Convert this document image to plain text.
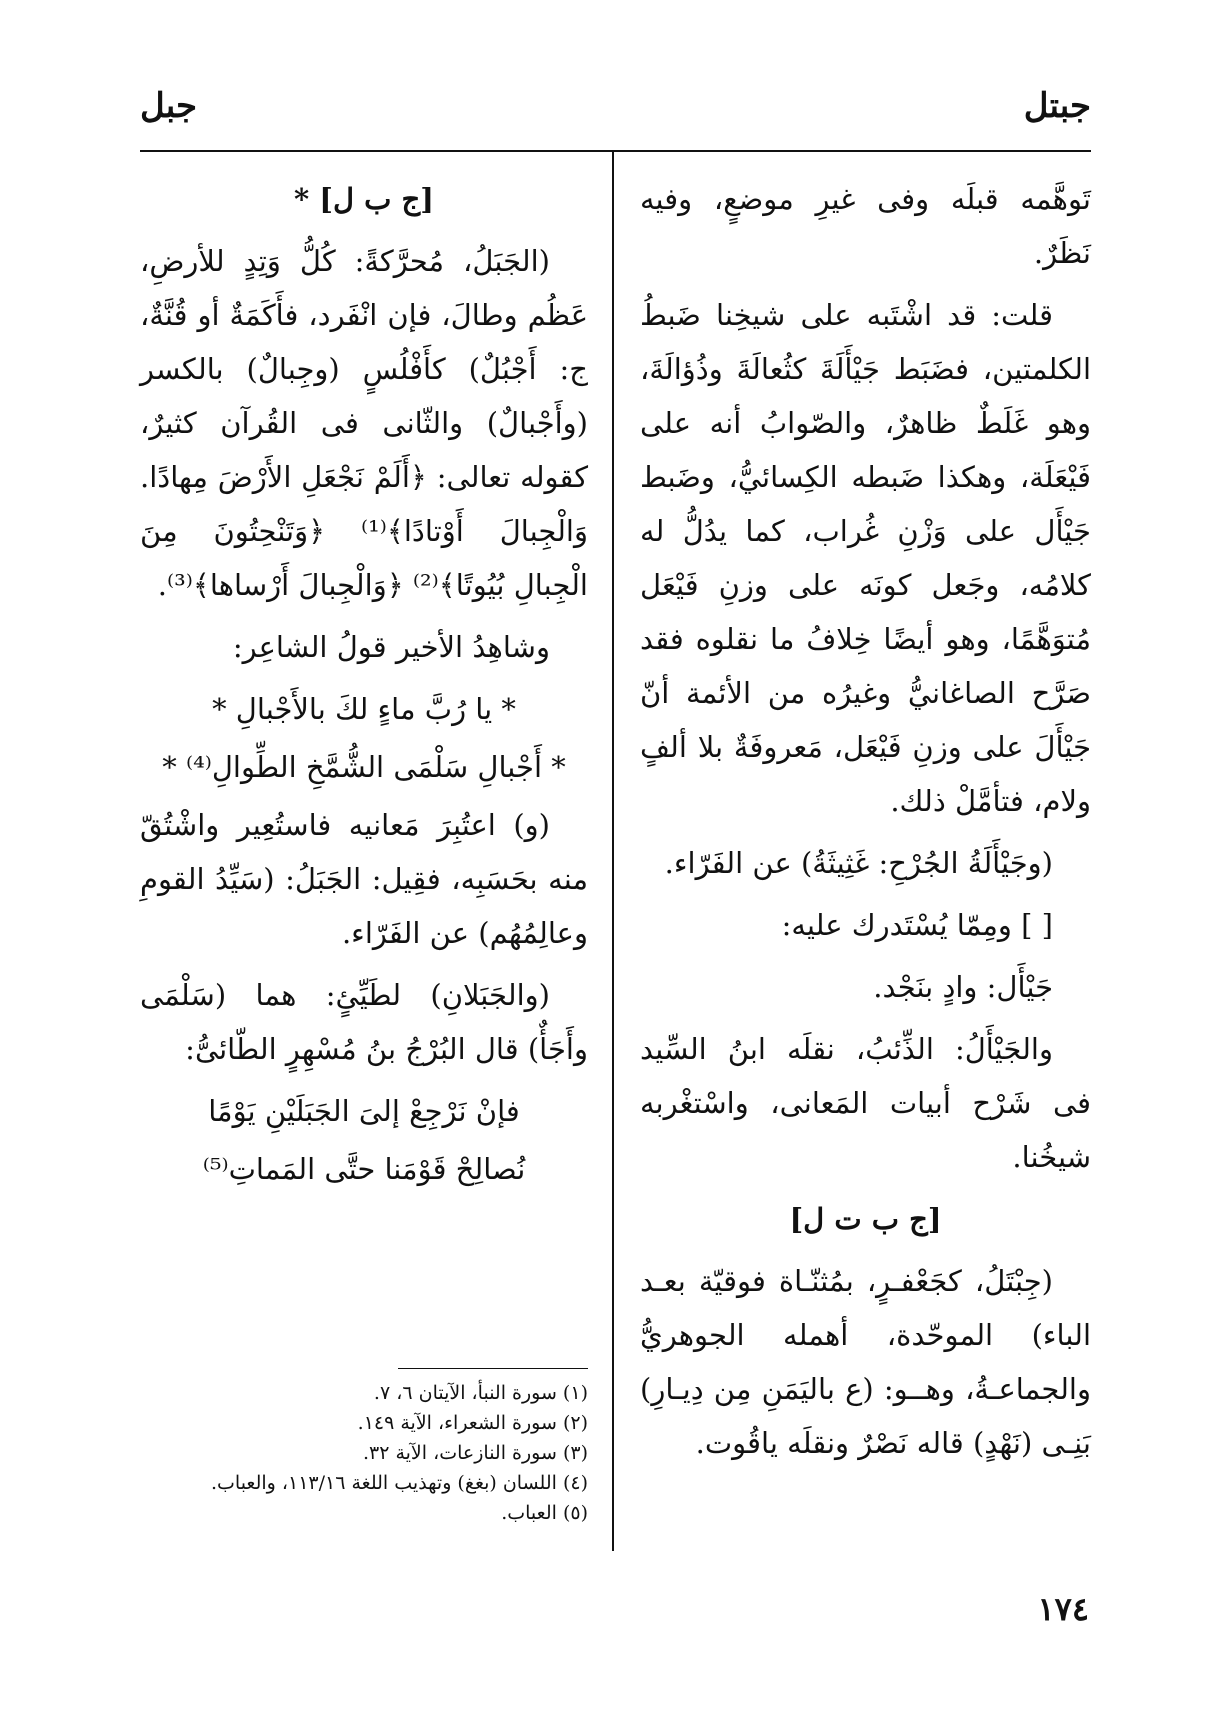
جبتل
جبل

تَوهَّمه قبلَه وفى غيرِ موضعٍ، وفيه نَظَرٌ.

قلت: قد اشْتَبه على شيخِنا ضَبطُ الكلمتين، فضَبَط جَيْأَلَةَ كثُعالَةَ وذُؤالَةَ، وهو غَلَطٌ ظاهرٌ، والصّوابُ أنه على فَيْعَلَة، وهكذا ضَبطه الكِسائيُّ، وضَبط جَيْأَل على وَزْنِ غُراب، كما يدُلُّ له كلامُه، وجَعل كونَه على وزنِ فَيْعَل مُتوَهَّمًا، وهو أيضًا خِلافُ ما نقلوه فقد صَرَّح الصاغانيُّ وغيرُه من الأئمة أنّ جَيْأَلَ على وزنِ فَيْعَل، مَعروفَةٌ بلا ألفٍ ولام، فتأمَّلْ ذلك.

(وجَيْأَلَةُ الجُرْحِ: غَثِيثَةُ) عن الفَرّاء.

[ ] ومِمّا يُسْتَدرك عليه:

جَيْأَل: وادٍ بنَجْد.

والجَيْأَلُ: الذِّئبُ، نقلَه ابنُ السِّيد فى شَرْح أبيات المَعانى، واسْتغْربه شيخُنا.

[ج ب ت ل]

(جِبْتَلُ، كجَعْفـرٍ، بمُثنّـاة فوقيّة بعـد الباء) الموحّدة، أهمله الجوهريُّ والجماعـةُ، وهــو: (ع باليَمَنِ مِن دِيـارِ) بَنِـى (نَهْدٍ) قاله نَصْرٌ ونقلَه ياقُوت.

[ج ب ل] *

(الجَبَلُ، مُحرَّكةً: كُلُّ وَتِدٍ للأرضِ، عَظُم وطالَ، فإن انْفَرد، فأَكَمَةٌ أو قُنَّةٌ، ج: أَجْبُلٌ) كأَفْلُسٍ (وجِبالٌ) بالكسر (وأَجْبالٌ) والثّانى فى القُرآن كثيرٌ، كقوله تعالى: ﴿أَلَمْ نَجْعَلِ الأَرْضَ مِهادًا. وَالْجِبالَ أَوْتادًا﴾⁽¹⁾ ﴿وَتَنْحِتُونَ مِنَ الْجِبالِ بُيُوتًا﴾⁽²⁾ ﴿وَالْجِبالَ أَرْساها﴾⁽³⁾.

وشاهِدُ الأخير قولُ الشاعِر:

* يا رُبَّ ماءٍ لكَ بالأَجْبالِ *

* أَجْبالِ سَلْمَى الشُّمَّخِ الطِّوالِ⁽⁴⁾ *

(و) اعتُبِرَ مَعانيه فاستُعِير واشْتُقّ منه بحَسَبِه، فقِيل: الجَبَلُ: (سَيِّدُ القومِ وعالِمُهُم) عن الفَرّاء.

(والجَبَلانِ) لطَيِّئٍ: هما (سَلْمَى وأَجَأٌ) قال البُرْجُ بنُ مُسْهِرٍ الطّائىُّ:

فإنْ نَرْجِعْ إلىَ الجَبَلَيْنِ يَوْمًا

نُصالِحْ قَوْمَنا حتَّى المَماتِ⁽⁵⁾

(١) سورة النبأ، الآيتان ٦، ٧.
(٢) سورة الشعراء، الآية ١٤٩.
(٣) سورة النازعات، الآية ٣٢.
(٤) اللسان (بغغ) وتهذيب اللغة ١١٣/١٦، والعباب.
(٥) العباب.
١٧٤
